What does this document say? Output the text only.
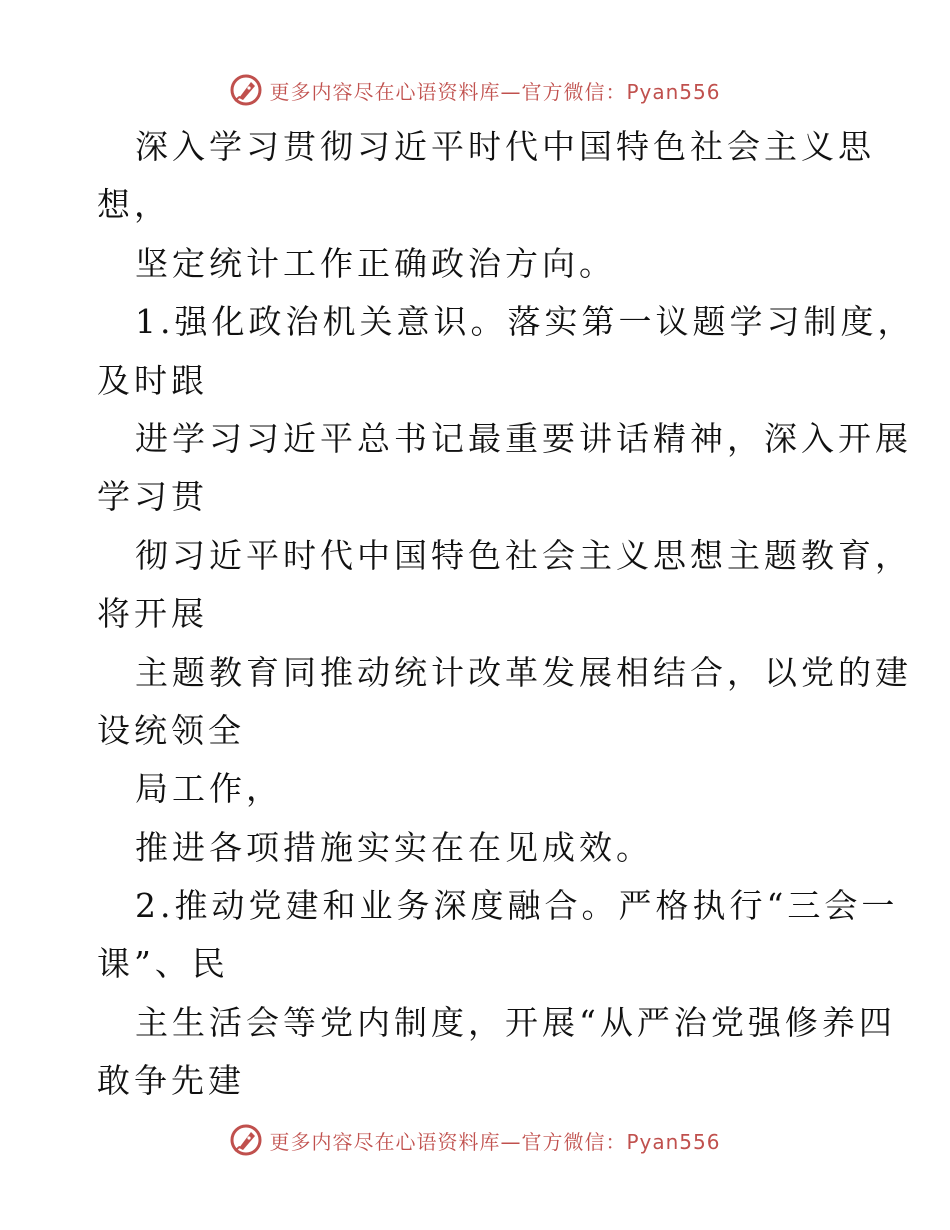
更多内容尽在心语资料库—官方微信：Pyan556
深入学习贯彻习近平时代中国特色社会主义思
想，
坚定统计工作正确政治方向。
1.强化政治机关意识。落实第一议题学习制度，
及时跟
进学习习近平总书记最重要讲话精神，深入开展
学习贯
彻习近平时代中国特色社会主义思想主题教育，
将开展
主题教育同推动统计改革发展相结合，以党的建
设统领全
局工作，
推进各项措施实实在在见成效。
2.推动党建和业务深度融合。严格执行“三会一
课”、民
主生活会等党内制度，开展“从严治党强修养四
敢争先建
更多内容尽在心语资料库—官方微信：Pyan556
